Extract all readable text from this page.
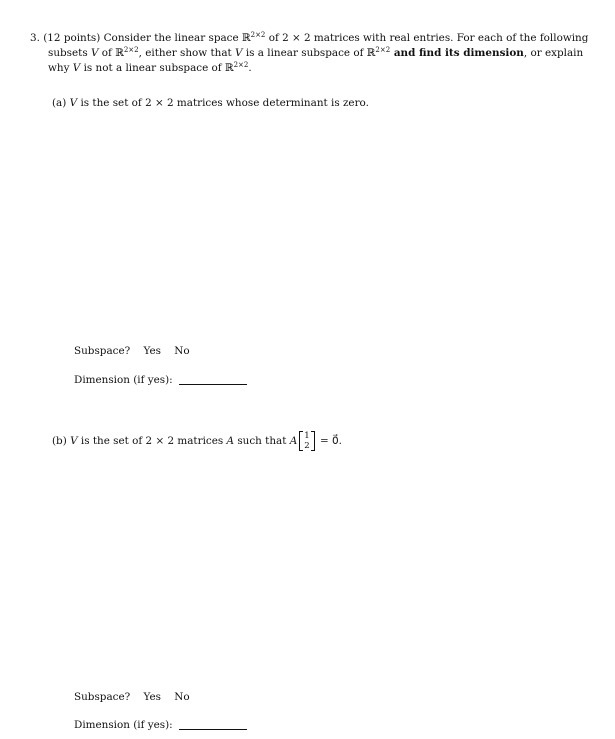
3. (12 points) Consider the linear space ℝ$^{2\times 2}$ of 2 × 2 matrices with real entries. For each of the following
subsets V of ℝ$^{2\times 2}$, either show that V is a linear subspace of ℝ$^{2\times 2}$ and find its dimension, or explain
why V is not a linear subspace of ℝ$^{2\times 2}$.
(a) V is the set of 2 × 2 matrices whose determinant is zero.
Subspace? Yes No
Dimension (if yes):
(b) V is the set of 2 × 2 matrices A such that A 1
2 = 0⃗.
Subspace? Yes No
Dimension (if yes):
